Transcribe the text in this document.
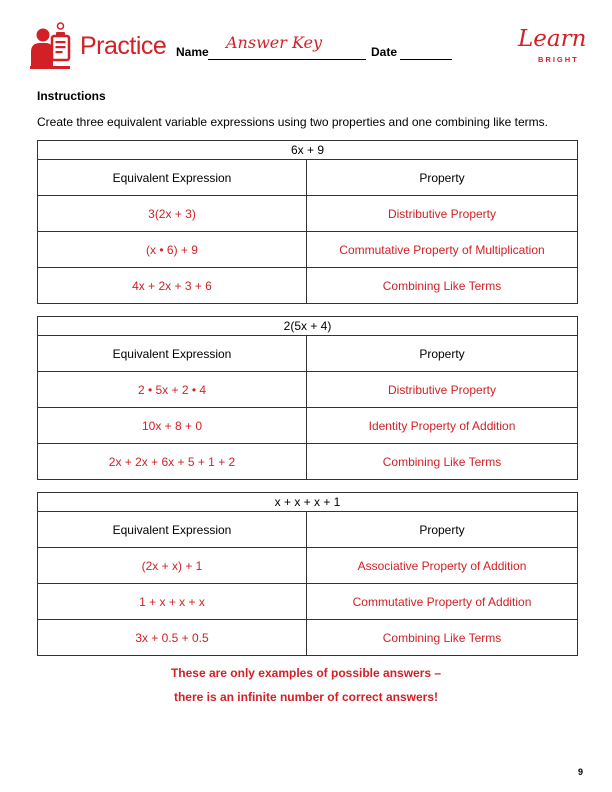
Practice Name Answer Key	Date	Learn
BRIGHT
Instructions
Create three equivalent variable expressions using two properties and one combining like terms.
6x + 9	
Equivalent Expression	Property
3(2x + 3)	Distributive Property
(x • 6) + 9	Commutative Property of Multiplication
4x + 2x + 3 + 6	Combining Like Terms
2(5x + 4)	
Equivalent Expression	Property
2 • 5x + 2 • 4	Distributive Property
10x + 8 + 0	Identity Property of Addition
2x + 2x + 6x + 5 + 1 + 2	Combining Like Terms
x + x + x + 1	
Equivalent Expression	Property
(2x + x) + 1	Associative Property of Addition
1 + x + x + x	Commutative Property of Addition
3x + 0.5 + 0.5	Combining Like Terms
These are only examples of possible answers –
there is an infinite number of correct answers!
9
